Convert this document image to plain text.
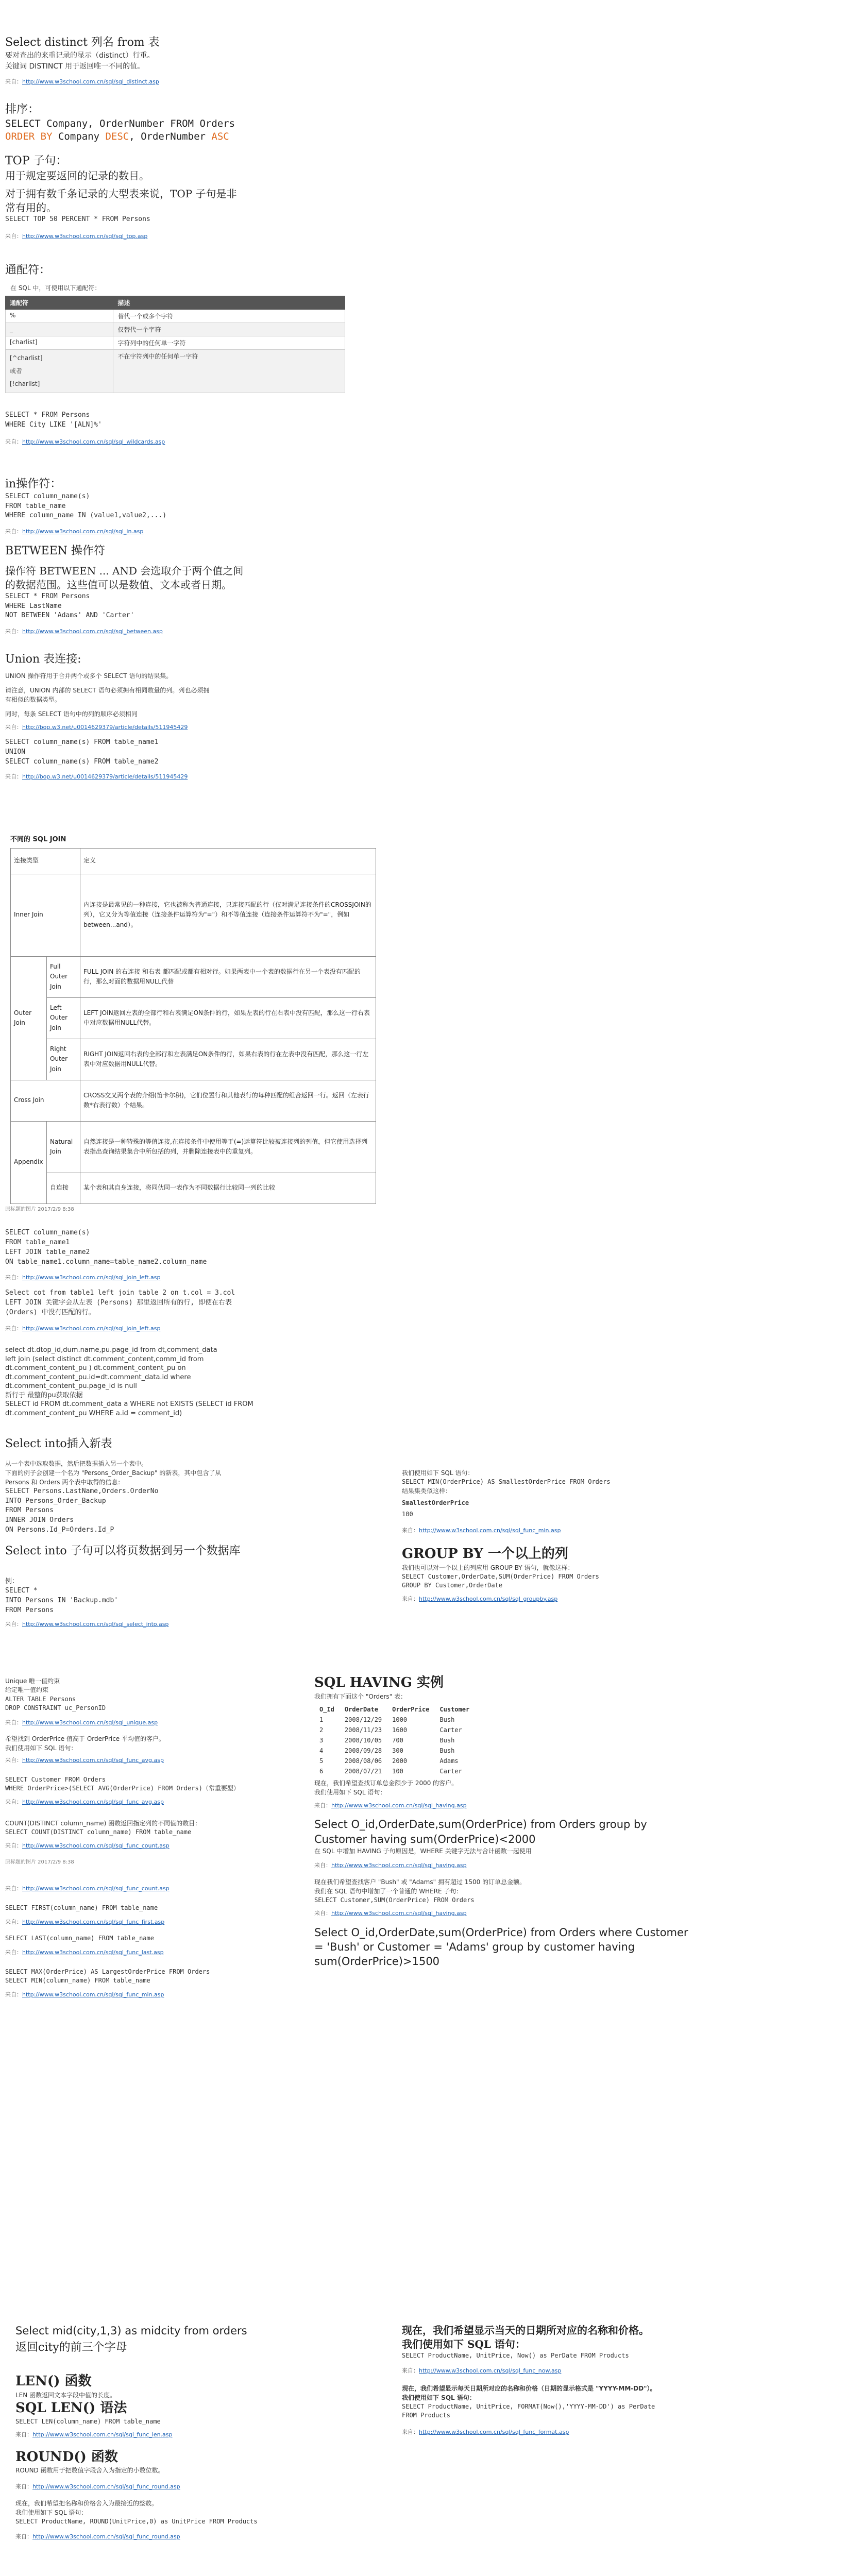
Select distinct 列名 from 表
要对查出的来重记录的显示（distinct）行重。
关键词 DISTINCT 用于返回唯一不同的值。
来自：http://www.w3school.com.cn/sql/sql_distinct.asp
排序：
SELECT Company, OrderNumber FROM Orders
ORDER BY Company DESC, OrderNumber ASC
TOP 子句：
用于规定要返回的记录的数目。
对于拥有数千条记录的大型表来说，TOP 子句是非
常有用的。
SELECT TOP 50 PERCENT * FROM Persons
来自：http://www.w3school.com.cn/sql/sql_top.asp
通配符：
在 SQL 中，可使用以下通配符：
通配符	描述
%	替代一个或多个字符
_	仅替代一个字符
[charlist]	字符列中的任何单一字符

[^charlist]
或者
[!charlist]	不在字符列中的任何单一字符
SELECT * FROM Persons
WHERE City LIKE '[ALN]%'
来自：http://www.w3school.com.cn/sql/sql_wildcards.asp
in操作符：
SELECT column_name(s)
FROM table_name
WHERE column_name IN (value1,value2,...)
来自：http://www.w3school.com.cn/sql/sql_in.asp
BETWEEN 操作符
操作符 BETWEEN ... AND 会选取介于两个值之间
的数据范围。这些值可以是数值、文本或者日期。
SELECT * FROM Persons
WHERE LastName
NOT BETWEEN 'Adams' AND 'Carter'
来自：http://www.w3school.com.cn/sql/sql_between.asp
Union 表连接:
UNION 操作符用于合并两个或多个 SELECT 语句的结果集。
请注意，UNION 内部的 SELECT 语句必须拥有相同数量的列。列也必须拥
有相似的数据类型。
同时，每条 SELECT 语句中的列的顺序必须相同
来自：http://bop.w3.net/u0014629379/article/details/511945429
SELECT column_name(s) FROM table_name1
UNION
SELECT column_name(s) FROM table_name2
来自：http://bop.w3.net/u0014629379/article/details/511945429
不同的 SQL JOIN
连接类型		定义
Inner Join		内连接是最常见的一种连接，它也被称为普通连接，只连接匹配的行（仅对满足连接条件的CROSSJOIN的列），它又分为等值连接（连接条件运算符为"="）和不等值连接（连接条件运算符不为"="，例如between...and）。
Outer Join	Full Outer Join	FULL JOIN 的右连接 和右表 都匹配或都有相对行。如果两表中一个表的数据行在另一个表没有匹配的行，那么对面的数据用NULL代替
	Left Outer Join	LEFT JOIN返回左表的全部行和右表满足ON条件的行，如果左表的行在右表中没有匹配，那么这一行右表中对应数据用NULL代替。
	Right Outer Join	RIGHT JOIN返回右表的全部行和左表满足ON条件的行，如果右表的行在左表中没有匹配，那么这一行左表中对应数据用NULL代替。
Cross Join		CROSS交叉两个表的介绍(笛卡尔积)，它们位置行和其他表行的每种匹配的组合返回一行。返回（左表行数*右表行数）个结果。
Appendix	Natural Join	自然连接是一种特殊的等值连接,在连接条件中使用等于(=)运算符比较被连接列的列值，但它使用选择列表指出查询结果集合中所包括的列，并删除连接表中的重复列。
	自连接	某个表和其自身连接，将同伙同一表作为不同数据行比较同一列的比较
原标题的图片 2017/2/9 8:38
SELECT column_name(s)
FROM table_name1
LEFT JOIN table_name2
ON table_name1.column_name=table_name2.column_name
来自：http://www.w3school.com.cn/sql/sql_join_left.asp
Select cot from table1 left join table 2 on t.col = 3.col
LEFT JOIN 关键字会从左表 (Persons) 那里返回所有的行, 即使在右表
(Orders) 中没有匹配的行。
来自：http://www.w3school.com.cn/sql/sql_join_left.asp
select dt.dtop_id,dum.name,pu.page_id from dt,comment_data
left join (select distinct dt.comment_content,comm_id from
dt.comment_content_pu ) dt.comment_content_pu on
dt.comment_content_pu.id=dt.comment_data.id where
dt.comment_content_pu.page_id is null
新行于 最整的pu获取依据
SELECT id FROM dt.comment_data a WHERE not EXISTS (SELECT id FROM
dt.comment_content_pu WHERE a.id = comment_id)
Select into插入新表
从一个表中选取数据，然后把数据插入另一个表中。
下面的例子会创建一个名为 "Persons_Order_Backup" 的新表，其中包含了从
Persons 和 Orders 两个表中取得的信息：
SELECT Persons.LastName,Orders.OrderNo
INTO Persons_Order_Backup
FROM Persons
INNER JOIN Orders
ON Persons.Id_P=Orders.Id_P
Select into 子句可以将页数据到另一个数据库
例：
SELECT *
INTO Persons IN 'Backup.mdb'
FROM Persons
来自：http://www.w3school.com.cn/sql/sql_select_into.asp
Unique 唯一值约束
给定唯一值约束
ALTER TABLE Persons
DROP CONSTRAINT uc_PersonID
来自：http://www.w3school.com.cn/sql/sql_unique.asp
希望找到 OrderPrice 值高于 OrderPrice 平均值的客户。
我们使用如下 SQL 语句：
来自：http://www.w3school.com.cn/sql/sql_func_avg.asp
SELECT Customer FROM Orders
WHERE OrderPrice>(SELECT AVG(OrderPrice) FROM Orders)（常重要型）
来自：http://www.w3school.com.cn/sql/sql_func_avg.asp
COUNT(DISTINCT column_name) 函数返回指定列的不同值的数目：
SELECT COUNT(DISTINCT column_name) FROM table_name
来自：http://www.w3school.com.cn/sql/sql_func_count.asp
原标题的图片 2017/2/9 8:38
来自：http://www.w3school.com.cn/sql/sql_func_count.asp
SELECT FIRST(column_name) FROM table_name
来自：http://www.w3school.com.cn/sql/sql_func_first.asp
SELECT LAST(column_name) FROM table_name
来自：http://www.w3school.com.cn/sql/sql_func_last.asp
SELECT MAX(OrderPrice) AS LargestOrderPrice FROM Orders
SELECT MIN(column_name) FROM table_name
来自：http://www.w3school.com.cn/sql/sql_func_min.asp
我们使用如下 SQL 语句：
SELECT MIN(OrderPrice) AS SmallestOrderPrice FROM Orders
结果集类似这样：
SmallestOrderPrice
100
来自：http://www.w3school.com.cn/sql/sql_func_min.asp
GROUP BY 一个以上的列
我们也可以对一个以上的列应用 GROUP BY 语句，就像这样：
SELECT Customer,OrderDate,SUM(OrderPrice) FROM Orders
GROUP BY Customer,OrderDate
来自：http://www.w3school.com.cn/sql/sql_groupby.asp
SQL HAVING 实例
我们拥有下面这个 "Orders" 表：
O_Id	OrderDate	OrderPrice	Customer
1	2008/12/29	1000	Bush
2	2008/11/23	1600	Carter
3	2008/10/05	700	Bush
4	2008/09/28	300	Bush
5	2008/08/06	2000	Adams
6	2008/07/21	100	Carter
现在，我们希望查找订单总金额少于 2000 的客户。
我们使用如下 SQL 语句：
来自：http://www.w3school.com.cn/sql/sql_having.asp
Select O_id,OrderDate,sum(OrderPrice) from Orders group by Customer having sum(OrderPrice)<2000
在 SQL 中增加 HAVING 子句原因是，WHERE 关键字无法与合计函数一起使用
来自：http://www.w3school.com.cn/sql/sql_having.asp
现在我们希望查找客户 "Bush" 或 "Adams" 拥有超过 1500 的订单总金额。
我们在 SQL 语句中增加了一个普通的 WHERE 子句：
SELECT Customer,SUM(OrderPrice) FROM Orders
来自：http://www.w3school.com.cn/sql/sql_having.asp
Select O_id,OrderDate,sum(OrderPrice) from Orders where Customer = 'Bush' or Customer = 'Adams' group by customer having sum(OrderPrice)>1500
Select mid(city,1,3) as midcity from orders
返回city的前三个字母
LEN() 函数
LEN 函数返回文本字段中值的长度。
SQL LEN() 语法
SELECT LEN(column_name) FROM table_name
来自：http://www.w3school.com.cn/sql/sql_func_len.asp
ROUND() 函数
ROUND 函数用于把数值字段舍入为指定的小数位数。
来自：http://www.w3school.com.cn/sql/sql_func_round.asp
现在，我们希望把名称和价格舍入为最接近的整数。
我们使用如下 SQL 语句：
SELECT ProductName, ROUND(UnitPrice,0) as UnitPrice FROM Products
来自：http://www.w3school.com.cn/sql/sql_func_round.asp
现在，我们希望显示当天的日期所对应的名称和价格。
我们使用如下 SQL 语句：
SELECT ProductName, UnitPrice, Now() as PerDate FROM Products
来自：http://www.w3school.com.cn/sql/sql_func_now.asp
现在，我们希望显示每天日期所对应的名称和价格（日期的显示格式是 "YYYY-MM-DD"）。
我们使用如下 SQL 语句：
SELECT ProductName, UnitPrice, FORMAT(Now(),'YYYY-MM-DD') as PerDate
FROM Products
来自：http://www.w3school.com.cn/sql/sql_func_format.asp
